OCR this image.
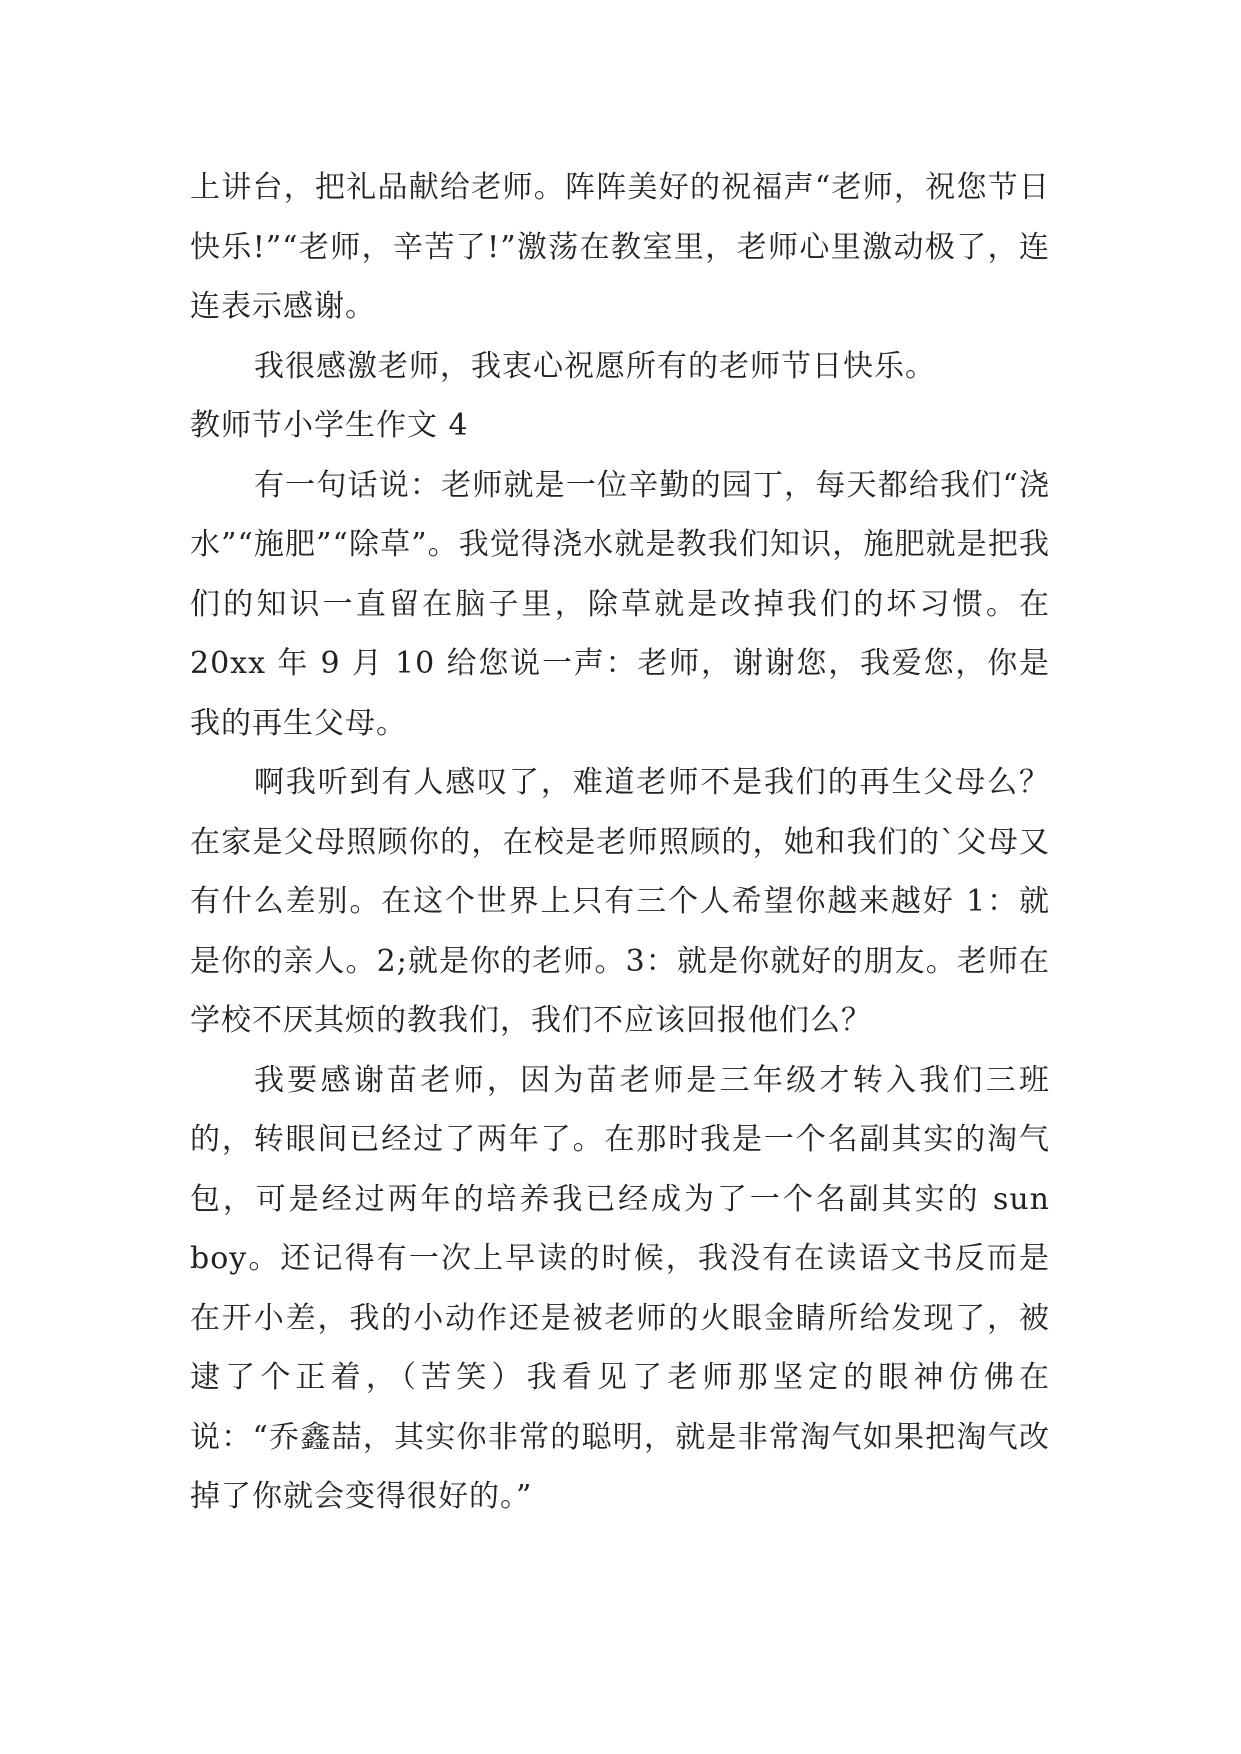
上讲台，把礼品献给老师。阵阵美好的祝福声“老师，祝您节日快乐!”“老师，辛苦了!”激荡在教室里，老师心里激动极了，连连表示感谢。

我很感激老师，我衷心祝愿所有的老师节日快乐。

教师节小学生作文 4

有一句话说：老师就是一位辛勤的园丁，每天都给我们“浇水”“施肥”“除草”。我觉得浇水就是教我们知识，施肥就是把我们的知识一直留在脑子里，除草就是改掉我们的坏习惯。在 20xx 年 9 月 10 给您说一声：老师，谢谢您，我爱您，你是我的再生父母。

啊我听到有人感叹了，难道老师不是我们的再生父母么？在家是父母照顾你的，在校是老师照顾的，她和我们的`父母又有什么差别。在这个世界上只有三个人希望你越来越好 1：就是你的亲人。2;就是你的老师。3：就是你就好的朋友。老师在学校不厌其烦的教我们，我们不应该回报他们么？

我要感谢苗老师，因为苗老师是三年级才转入我们三班的，转眼间已经过了两年了。在那时我是一个名副其实的淘气包，可是经过两年的培养我已经成为了一个名副其实的 sun boy。还记得有一次上早读的时候，我没有在读语文书反而是在开小差，我的小动作还是被老师的火眼金睛所给发现了，被逮了个正着，（苦笑）我看见了老师那坚定的眼神仿佛在说：“乔鑫喆，其实你非常的聪明，就是非常淘气如果把淘气改掉了你就会变得很好的。”
